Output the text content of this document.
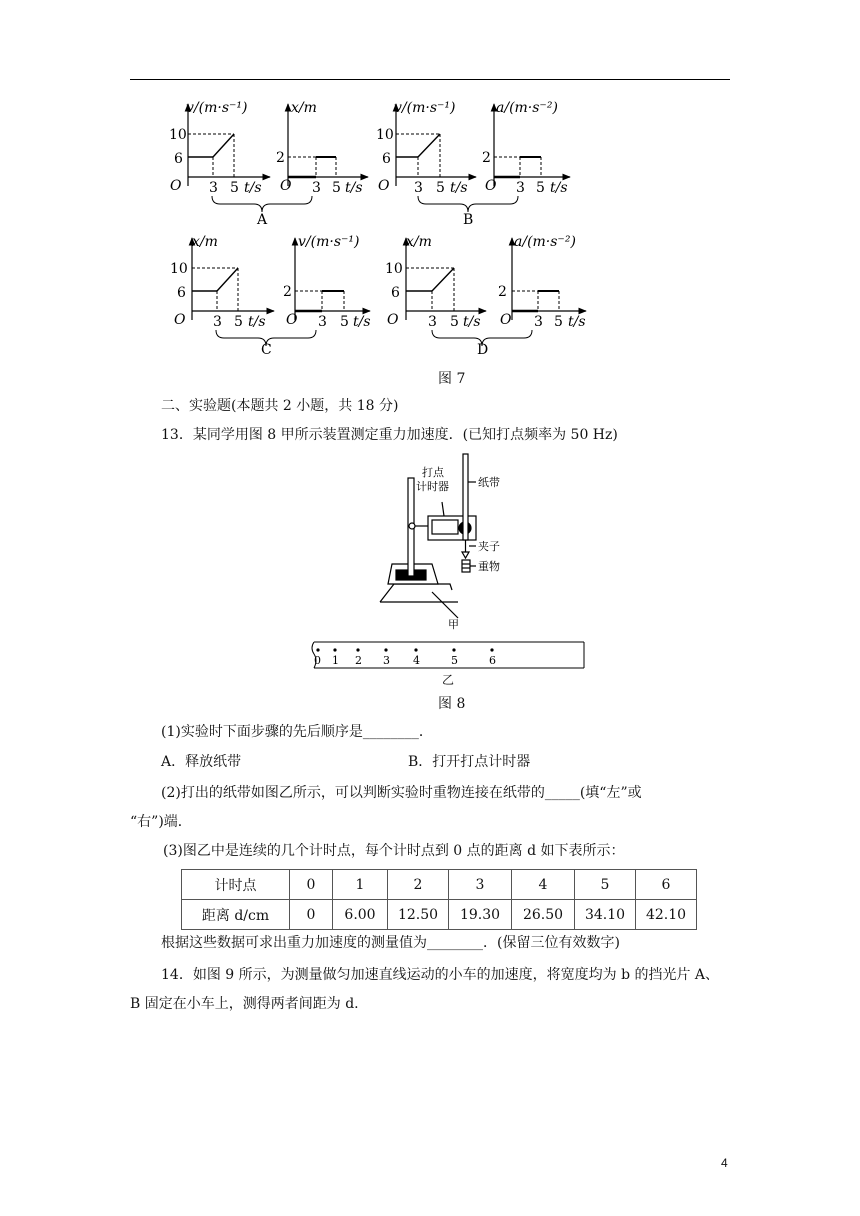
v/(m·s⁻¹)
10
6
O 3 5 t/s
x/m
2
O 3 5 t/s
A
v/(m·s⁻¹)
10
6
O 3 5 t/s
a/(m·s⁻²)
2
O 3 5 t/s
B
x/m
10
6
O 3 5 t/s
v/(m·s⁻¹)
2
O 3 5 t/s
C
x/m
10
6
O 3 5 t/s
a/(m·s⁻²)
2
O 3 5 t/s
D
图 7
二、实验题(本题共 2 小题，共 18 分)
13．某同学用图 8 甲所示装置测定重力加速度．(已知打点频率为 50 Hz)
打点
计时器	纸带
夹子
重物
甲
0 1 2 3 4	5	6
乙
图 8
(1)实验时下面步骤的先后顺序是________．
A．释放纸带	B．打开打点计时器
(2)打出的纸带如图乙所示，可以判断实验时重物连接在纸带的_____(填“左”或
“右”)端．
(3)图乙中是连续的几个计时点，每个计时点到 0 点的距离 d 如下表所示：
计时点	0	1	2	3	4	5	6
距离 d/cm	0	6.00	12.50	19.30	26.50	34.10	42.10
根据这些数据可求出重力加速度的测量值为________．(保留三位有效数字)
14．如图 9 所示，为测量做匀加速直线运动的小车的加速度，将宽度均为 b 的挡光片 A、
B 固定在小车上，测得两者间距为 d.
4
